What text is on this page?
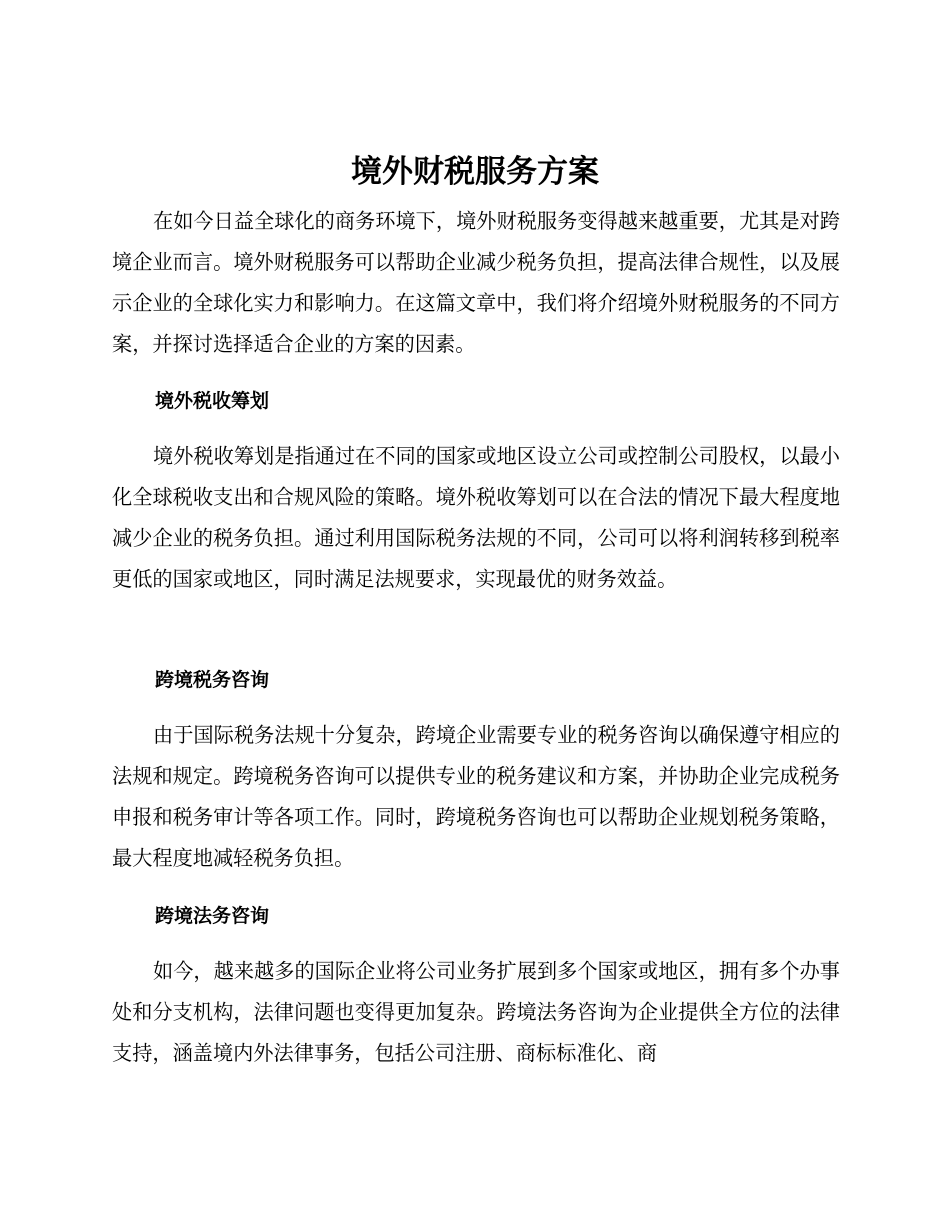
境外财税服务方案

在如今日益全球化的商务环境下，境外财税服务变得越来越重要，尤其是对跨境企业而言。境外财税服务可以帮助企业减少税务负担，提高法律合规性，以及展示企业的全球化实力和影响力。在这篇文章中，我们将介绍境外财税服务的不同方案，并探讨选择适合企业的方案的因素。

境外税收筹划

境外税收筹划是指通过在不同的国家或地区设立公司或控制公司股权，以最小化全球税收支出和合规风险的策略。境外税收筹划可以在合法的情况下最大程度地减少企业的税务负担。通过利用国际税务法规的不同，公司可以将利润转移到税率更低的国家或地区，同时满足法规要求，实现最优的财务效益。

跨境税务咨询

由于国际税务法规十分复杂，跨境企业需要专业的税务咨询以确保遵守相应的法规和规定。跨境税务咨询可以提供专业的税务建议和方案，并协助企业完成税务申报和税务审计等各项工作。同时，跨境税务咨询也可以帮助企业规划税务策略，最大程度地减轻税务负担。

跨境法务咨询

如今，越来越多的国际企业将公司业务扩展到多个国家或地区，拥有多个办事处和分支机构，法律问题也变得更加复杂。跨境法务咨询为企业提供全方位的法律支持，涵盖境内外法律事务，包括公司注册、商标标准化、商
